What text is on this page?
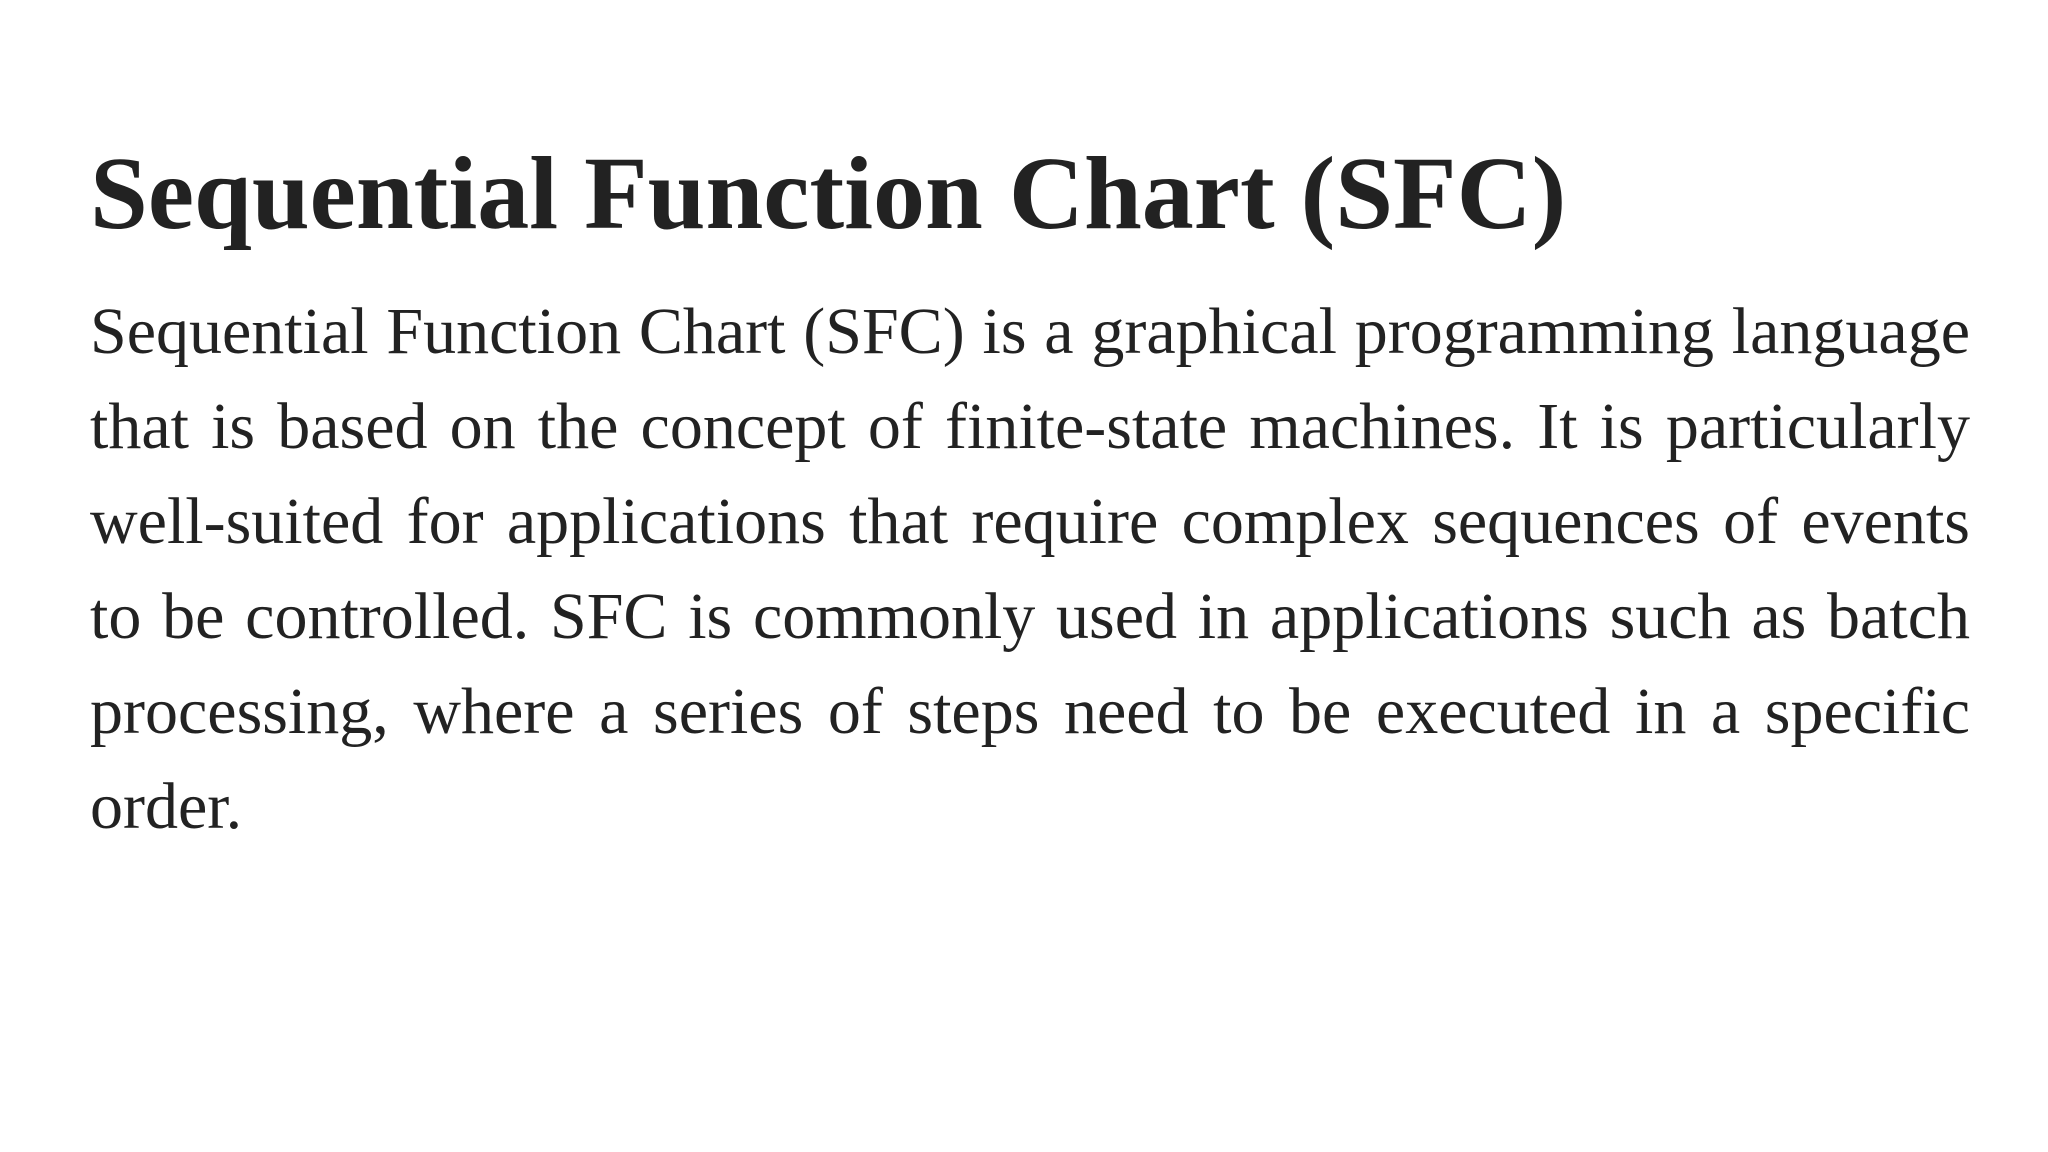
Sequential Function Chart (SFC)

Sequential Function Chart (SFC) is a graphical programming language that is based on the concept of finite-state machines. It is particularly well-suited for applications that require complex sequences of events to be controlled. SFC is commonly used in applications such as batch processing, where a series of steps need to be executed in a specific order.
